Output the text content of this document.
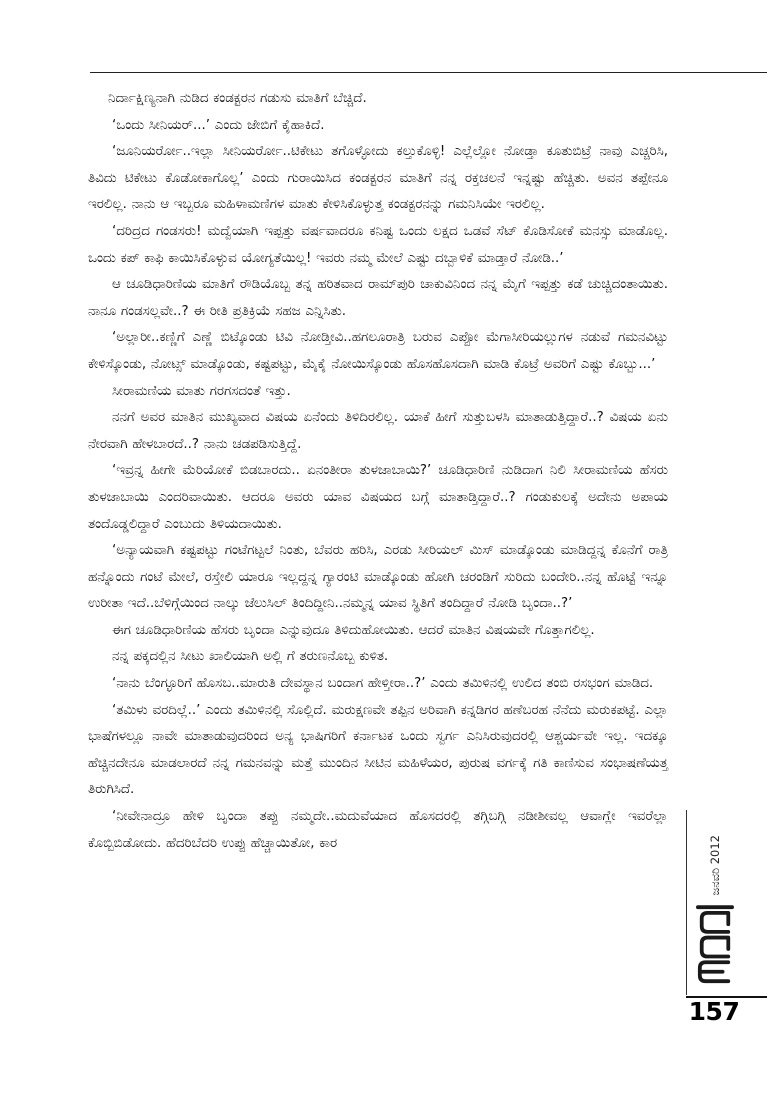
ನಿರ್ದಾಕ್ಷಿಣ್ಯನಾಗಿ ನುಡಿದ ಕಂಡಕ್ಟರನ ಗಡುಸು ಮಾತಿಗೆ ಬೆಚ್ಚಿದೆ.

‘ಒಂದು ಸೀನಿಯರ್...’ ಎಂದು ಜೇಬಿಗೆ ಕೈಹಾಕಿದೆ.

‘ಜೂನಿಯರ್ರೋ..ಇಲ್ಲಾ ಸೀನಿಯರ್ರೋ..ಟಿಕೇಟು ತಗೊಳ್ಳೋದು ಕಲ್ತುಕೊಳ್ಳಿ! ಎಲ್ಲೆಲ್ಲೋ ನೋಡ್ತಾ ಕೂತುಬಿಟ್ರೆ ನಾವು ಎಚ್ಚರಿಸಿ, ತಿವಿದು ಟಿಕೇಟು ಕೊಡೋಕಾಗೊಲ್ಲ’ ಎಂದು ಗುರಾಯಿಸಿದ ಕಂಡಕ್ಟರನ ಮಾತಿಗೆ ನನ್ನ ರಕ್ತಚಲನೆ ಇನ್ನಷ್ಟು ಹೆಚ್ಚಿತು. ಅವನ ತಪ್ಪೇನೂ ಇರಲಿಲ್ಲ. ನಾನು ಆ ಇಬ್ಬರೂ ಮಹಿಳಾಮಣಿಗಳ ಮಾತು ಕೇಳಿಸಿಕೊಳ್ಳುತ್ತ ಕಂಡಕ್ಟರನನ್ನು ಗಮನಿಸಿಯೇ ಇರಲಿಲ್ಲ.

‘ದರಿದ್ರದ ಗಂಡಸರು! ಮದ್ವೆಯಾಗಿ ಇಪ್ಪತ್ತು ವರ್ಷವಾದರೂ ಕನಿಷ್ಟ ಒಂದು ಲಕ್ಷದ ಒಡವೆ ಸೆಟ್ ಕೊಡಿಸೋಕೆ ಮನಸ್ಸು ಮಾಡೊಲ್ಲ. ಒಂದು ಕಪ್ ಕಾಫಿ ಕಾಯಿಸಿಕೊಳ್ಳುವ ಯೋಗ್ಯತೆಯಿಲ್ಲ! ಇವರು ನಮ್ಮ ಮೇಲೆ ಎಷ್ಟು ದಬ್ಬಾಳಿಕೆ ಮಾಡ್ತಾರೆ ನೋಡಿ..’

ಆ ಚೂಡಿಧಾರಿಣಿಯ ಮಾತಿಗೆ ರೌಡಿಯೊಬ್ಬ ತನ್ನ ಹರಿತವಾದ ರಾಮ್‌ಪುರಿ ಚಾಕುವಿನಿಂದ ನನ್ನ ಮೈಗೆ ಇಪ್ಪತ್ತು ಕಡೆ ಚುಚ್ಚಿದಂತಾಯಿತು. ನಾನೂ ಗಂಡಸಲ್ಲವೇ..? ಈ ರೀತಿ ಪ್ರತಿಕ್ರಿಯೆ ಸಹಜ ಎನ್ನಿಸಿತು.

‘ಅಲ್ಲಾರೀ..ಕಣ್ಣಿಗೆ ಎಣ್ಣೆ ಬಿಟ್ಕೊಂಡು ಟಿವಿ ನೋಡ್ತೀವಿ..ಹಗಲೂರಾತ್ರಿ ಬರುವ ಎಪ್ಪೋ ಮೆಗಾಸೀರಿಯಲ್ಲುಗಳ ನಡುವೆ ಗಮನವಿಟ್ಟು ಕೇಳಿಸ್ಕೊಂಡು, ನೋಟ್ಸ್ ಮಾಡ್ಕೊಂಡು, ಕಷ್ಟಪಟ್ಟು, ಮೈಕೈ ನೋಯಿಸ್ಕೊಂಡು ಹೊಸಹೊಸದಾಗಿ ಮಾಡಿ ಕೊಟ್ರೆ ಅವರಿಗೆ ಎಷ್ಟು ಕೊಬ್ಬು...’

ಸೀರಾಮಣಿಯ ಮಾತು ಗರಗಸದಂತೆ ಇತ್ತು.

ನನಗೆ ಅವರ ಮಾತಿನ ಮುಖ್ಯವಾದ ವಿಷಯ ಏನೆಂದು ತಿಳಿದಿರಲಿಲ್ಲ. ಯಾಕೆ ಹೀಗೆ ಸುತ್ತುಬಳಸಿ ಮಾತಾಡುತ್ತಿದ್ದಾರೆ..? ವಿಷಯ ಏನು ನೇರವಾಗಿ ಹೇಳಬಾರದೆ..? ನಾನು ಚಡಪಡಿಸುತ್ತಿದ್ದೆ.

‘ಇವ್ರನ್ನ ಹೀಗೇ ಮೆರಿಯೋಕೆ ಬಿಡಬಾರದು.. ಏನಂತೀರಾ ತುಳಜಾಬಾಯಿ?’ ಚೂಡಿಧಾರಿಣಿ ನುಡಿದಾಗ ನಿಲಿ ಸೀರಾಮಣಿಯ ಹೆಸರು ತುಳಜಾಬಾಯಿ ಎಂದರಿವಾಯಿತು. ಆದರೂ ಅವರು ಯಾವ ವಿಷಯದ ಬಗ್ಗೆ ಮಾತಾಡ್ತಿದ್ದಾರೆ..? ಗಂಡುಕುಲಕ್ಕೆ ಅದೇನು ಅಪಾಯ ತಂದೊಡ್ಡಲಿದ್ದಾರೆ ಎಂಬುದು ತಿಳಿಯದಾಯಿತು.

‘ಅನ್ಯಾಯವಾಗಿ ಕಷ್ಟಪಟ್ಟು ಗಂಟೆಗಟ್ಟಲೆ ನಿಂತು, ಬೆವರು ಹರಿಸಿ, ಎರಡು ಸೀರಿಯಲ್ ಮಿಸ್ ಮಾಡ್ಕೊಂಡು ಮಾಡಿದ್ದನ್ನ ಕೊನೆಗೆ ರಾತ್ರಿ ಹನ್ನೊಂದು ಗಂಟೆ ಮೇಲೆ, ರಸ್ತೇಲಿ ಯಾರೂ ಇಲ್ಲದ್ದನ್ನ ಗ್ಯಾರಂಟಿ ಮಾಡ್ಕೊಂಡು ಹೋಗಿ ಚರಂಡಿಗೆ ಸುರಿದು ಬಂದೇರಿ..ನನ್ನ ಹೊಟ್ಟೆ ಇನ್ನೂ ಉರೀತಾ ಇದೆ..ಬೆಳಿಗ್ಗೆಯಿಂದ ನಾಲ್ಕು ಜೆಲುಸಿಲ್ ತಿಂದಿದ್ದೀನಿ..ನಮ್ಮನ್ನ ಯಾವ ಸ್ಥಿತಿಗೆ ತಂದಿದ್ದಾರೆ ನೋಡಿ ಬೃಂದಾ..?’

ಈಗ ಚೂಡಿಧಾರಿಣಿಯ ಹೆಸರು ಬೃಂದಾ ಎನ್ನುವುದೂ ತಿಳಿದುಹೋಯಿತು. ಆದರೆ ಮಾತಿನ ವಿಷಯವೇ ಗೊತ್ತಾಗಲಿಲ್ಲ.

ನನ್ನ ಪಕ್ಕದಲ್ಲಿನ ಸೀಟು ಖಾಲಿಯಾಗಿ ಅಲ್ಲಿ ಗೆ ತರುಣನೊಬ್ಬ ಕುಳಿತ.

‘ನಾನು ಬೆಂಗ್ಳೂರಿಗೆ ಹೊಸಬ..ಮಾರುತಿ ದೇವಸ್ಥಾನ ಬಂದಾಗ ಹೇಳ್ತೀರಾ..?’ ಎಂದು ತಮಿಳಿನಲ್ಲಿ ಉಲಿದ ತಂಬಿ ರಸಭಂಗ ಮಾಡಿದ.

‘ತಮಿಳು ವರದಿಲ್ಲೆ..’ ಎಂದು ತಮಿಳಿನಲ್ಲಿ ಸೊಲ್ಲಿದೆ. ಮರುಕ್ಷಣವೇ ತಪ್ಪಿನ ಅರಿವಾಗಿ ಕನ್ನಡಿಗರ ಹಣೆಬರಹ ನೆನೆದು ಮರುಕಪಟ್ಟೆ. ಎಲ್ಲಾ ಭಾಷೆಗಳಲ್ಲೂ ನಾವೇ ಮಾತಾಡುವುದರಿಂದ ಅನ್ಯ ಭಾಷಿಗರಿಗೆ ಕರ್ನಾಟಕ ಒಂದು ಸ್ವರ್ಗ ಎನಿಸಿರುವುದರಲ್ಲಿ ಆಶ್ಚರ್ಯವೇ ಇಲ್ಲ. ಇದಕ್ಕೂ ಹೆಚ್ಚಿನದೇನೂ ಮಾಡಲಾರದೆ ನನ್ನ ಗಮನವನ್ನು ಮತ್ತೆ ಮುಂದಿನ ಸೀಟಿನ ಮಹಿಳೆಯರ, ಪುರುಷ ವರ್ಗಕ್ಕೆ ಗತಿ ಕಾಣಿಸುವ ಸಂಭಾಷಣೆಯತ್ತ ತಿರುಗಿಸಿದೆ.

‘ನೀವೇನಾದ್ರೂ ಹೇಳಿ ಬೃಂದಾ ತಪ್ಪು ನಮ್ಮದೇ..ಮದುವೆಯಾದ ಹೊಸದರಲ್ಲಿ ತಗ್ಗಿಬಗ್ಗಿ ನಡೀಶೀವಲ್ಲ ಆವಾಗ್ಲೇ ಇವರೆಲ್ಲಾ ಕೊಬ್ಬಿಬಿಡೋದು. ಹೆದರಿಬೆದರಿ ಉಪ್ಪು ಹೆಚ್ಚಾಯಿತೋ, ಕಾರ	ಜನವರಿ 2012
157
